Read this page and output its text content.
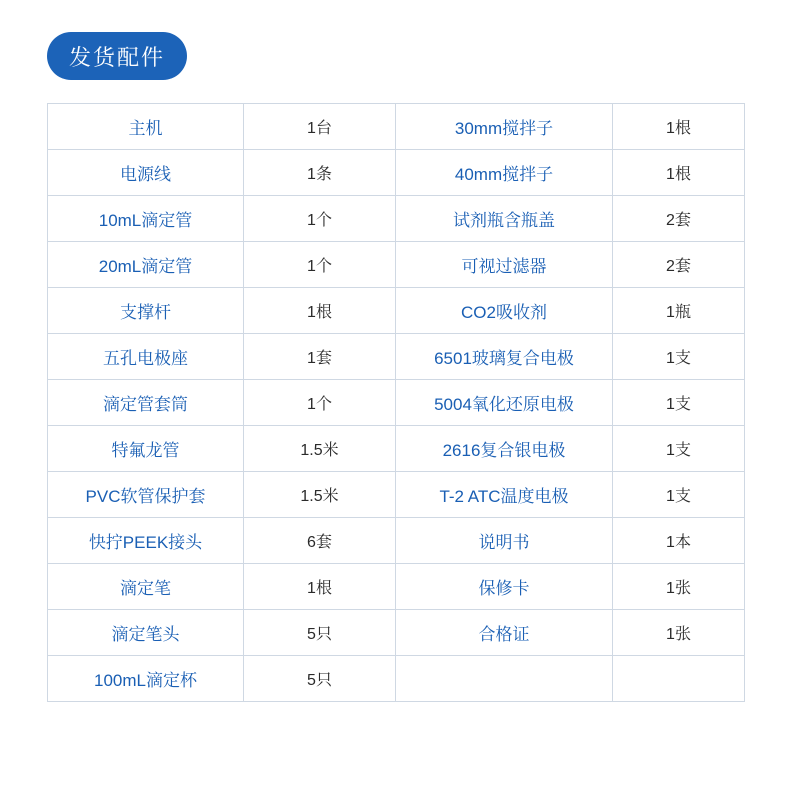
发货配件
主机	1台	30mm搅拌子	1根
电源线	1条	40mm搅拌子	1根
10mL滴定管	1个	试剂瓶含瓶盖	2套
20mL滴定管	1个	可视过滤器	2套
支撑杆	1根	CO2吸收剂	1瓶
五孔电极座	1套	6501玻璃复合电极	1支
滴定管套筒	1个	5004氧化还原电极	1支
特氟龙管	1.5米	2616复合银电极	1支
PVC软管保护套	1.5米	T-2 ATC温度电极	1支
快拧PEEK接头	6套	说明书	1本
滴定笔	1根	保修卡	1张
滴定笔头	5只	合格证	1张
100mL滴定杯	5只		
